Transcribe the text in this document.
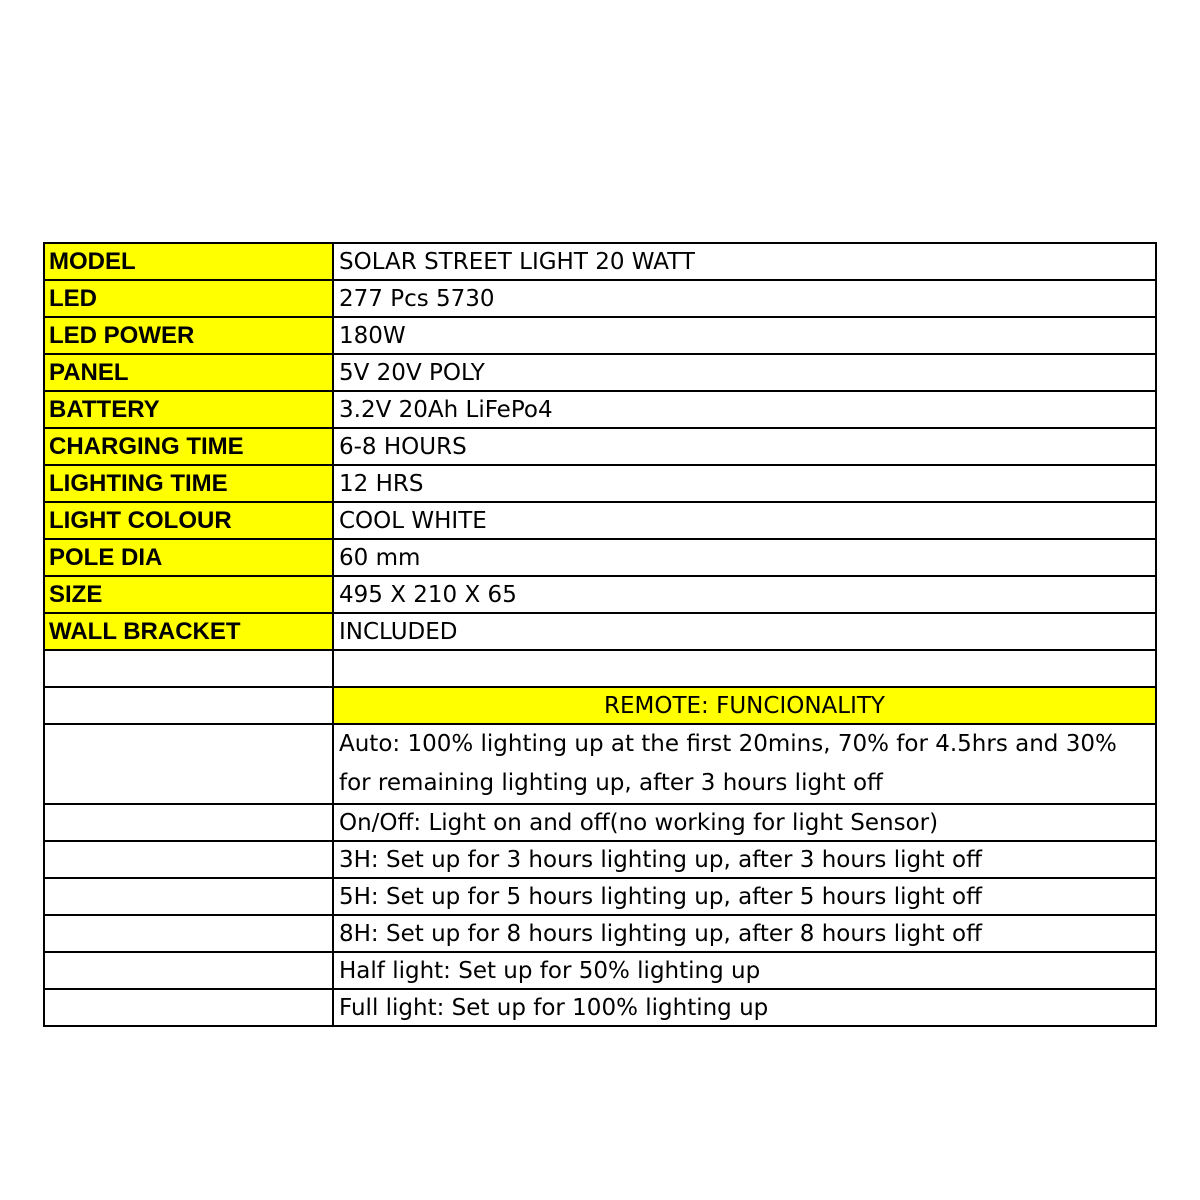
MODEL	SOLAR STREET LIGHT 20 WATT
LED	277 Pcs 5730
LED POWER	180W
PANEL	5V 20V POLY
BATTERY	3.2V 20Ah LiFePo4
CHARGING TIME	6-8 HOURS
LIGHTING TIME	12 HRS
LIGHT COLOUR	COOL WHITE
POLE DIA	60 mm
SIZE	495 X 210 X 65
WALL BRACKET	INCLUDED

	REMOTE: FUNCIONALITY
	Auto: 100% lighting up at the first 20mins, 70% for 4.5hrs and 30% for remaining lighting up, after 3 hours light off
	On/Off: Light on and off(no working for light Sensor)
	3H: Set up for 3 hours lighting up, after 3 hours light off
	5H: Set up for 5 hours lighting up, after 5 hours light off
	8H: Set up for 8 hours lighting up, after 8 hours light off
	Half light: Set up for 50% lighting up
	Full light: Set up for 100% lighting up
